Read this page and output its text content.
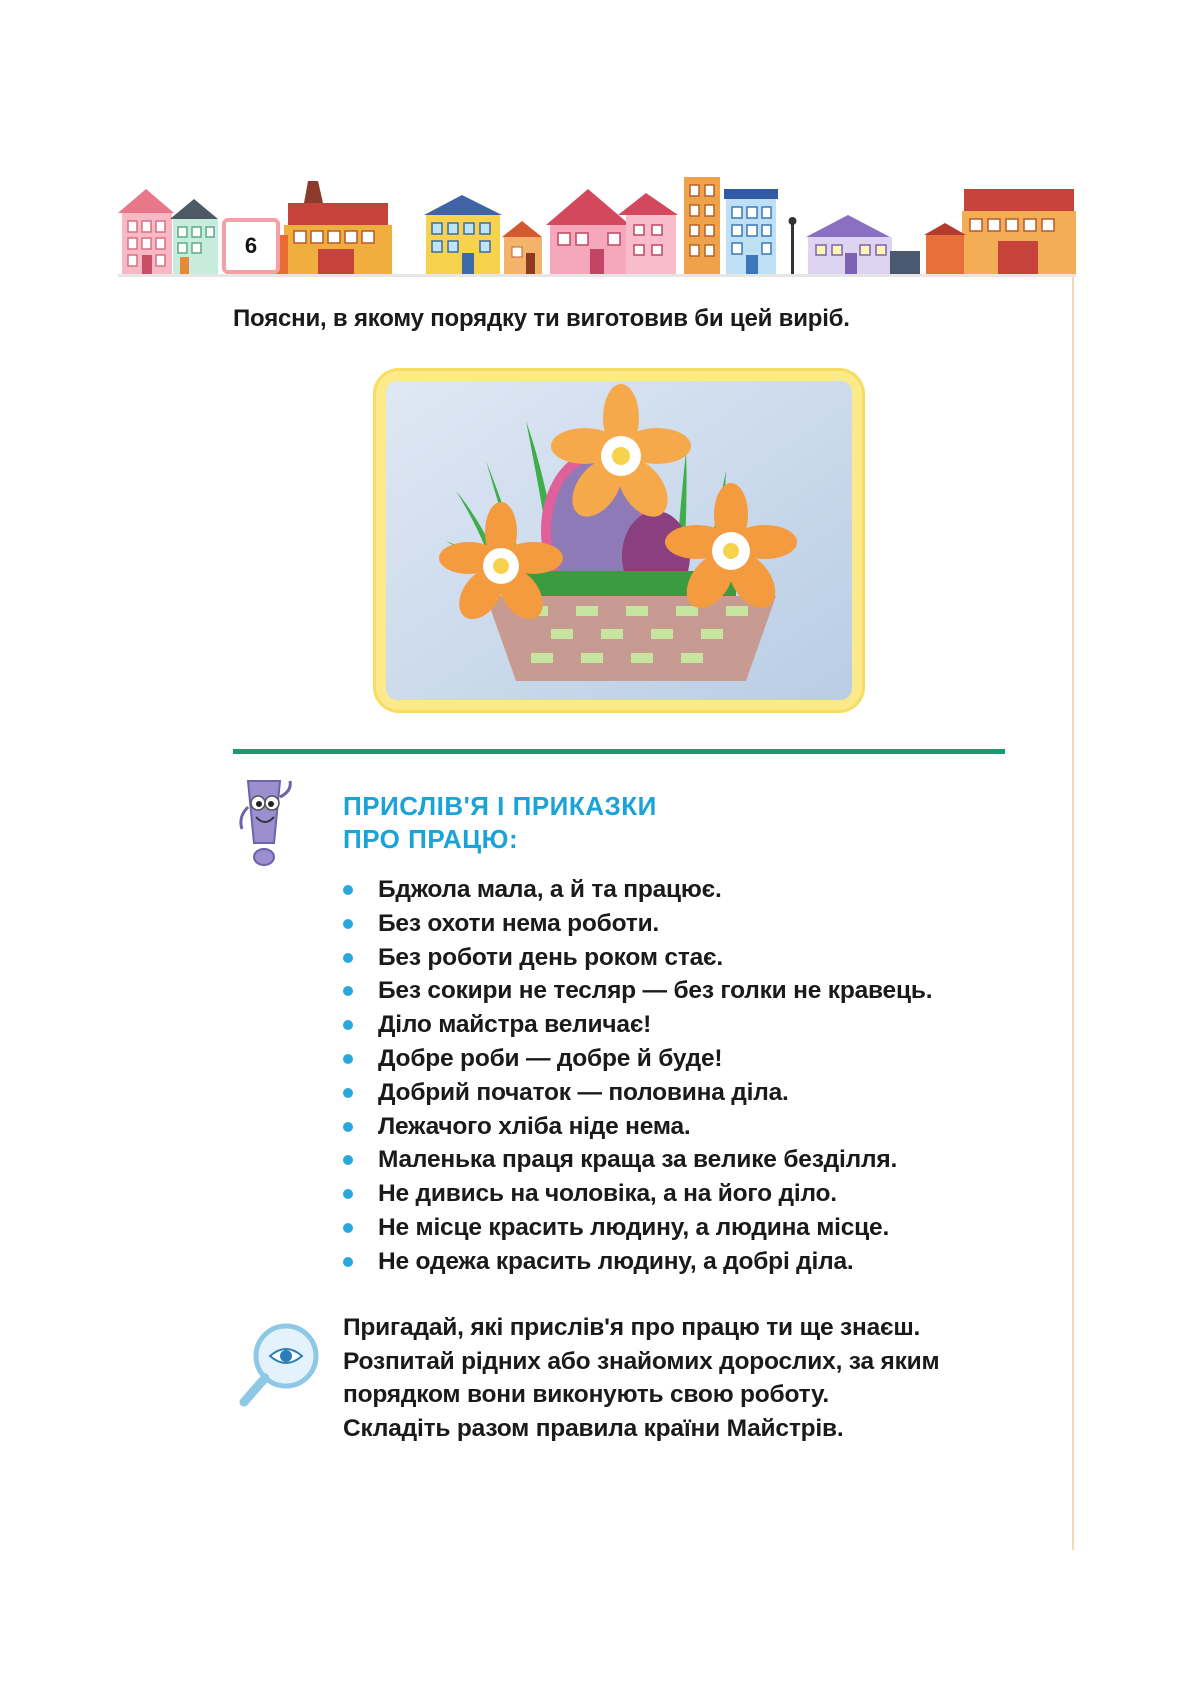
6
Поясни, в якому порядку ти виготовив би цей виріб.
ПРИСЛІВ'Я І ПРИКАЗКИ
ПРО ПРАЦЮ:
Бджола мала, а й та працює.
Без охоти нема роботи.
Без роботи день роком стає.
Без сокири не тесляр — без голки не кравець.
Діло майстра величає!
Добре роби — добре й буде!
Добрий початок — половина діла.
Лежачого хліба ніде нема.
Маленька праця краща за велике безділля.
Не дивись на чоловіка, а на його діло.
Не місце красить людину, а людина місце.
Не одежа красить людину, а добрі діла.

Пригадай, які прислів'я про працю ти ще знаєш.

Розпитай рідних або знайомих дорослих, за яким

порядком вони виконують свою роботу.

Складіть разом правила країни Майстрів.
